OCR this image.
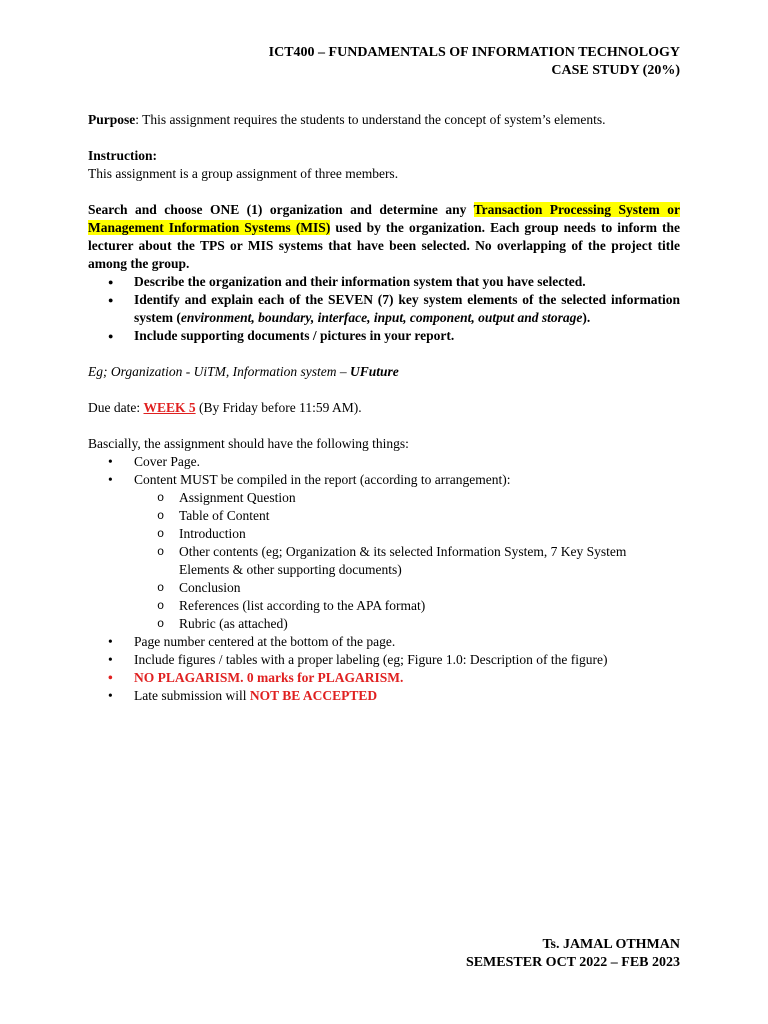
ICT400 – FUNDAMENTALS OF INFORMATION TECHNOLOGY
CASE STUDY (20%)
Purpose: This assignment requires the students to understand the concept of system’s elements.
Instruction:
This assignment is a group assignment of three members.
Search and choose ONE (1) organization and determine any Transaction Processing System or Management Information Systems (MIS) used by the organization. Each group needs to inform the lecturer about the TPS or MIS systems that have been selected. No overlapping of the project title among the group.
● Describe the organization and their information system that you have selected.
● Identify and explain each of the SEVEN (7) key system elements of the selected information system (environment, boundary, interface, input, component, output and storage).
● Include supporting documents / pictures in your report.
Eg; Organization - UiTM, Information system – UFuture
Due date: WEEK 5 (By Friday before 11:59 AM).
Bascially, the assignment should have the following things:
• Cover Page.
• Content MUST be compiled in the report (according to arrangement):
o Assignment Question
o Table of Content
o Introduction
o Other contents (eg; Organization & its selected Information System, 7 Key System Elements & other supporting documents)
o Conclusion
o References (list according to the APA format)
o Rubric (as attached)
• Page number centered at the bottom of the page.
• Include figures / tables with a proper labeling (eg; Figure 1.0: Description of the figure)
• NO PLAGARISM. 0 marks for PLAGARISM.
• Late submission will NOT BE ACCEPTED
Ts. JAMAL OTHMAN
SEMESTER OCT 2022 – FEB 2023
